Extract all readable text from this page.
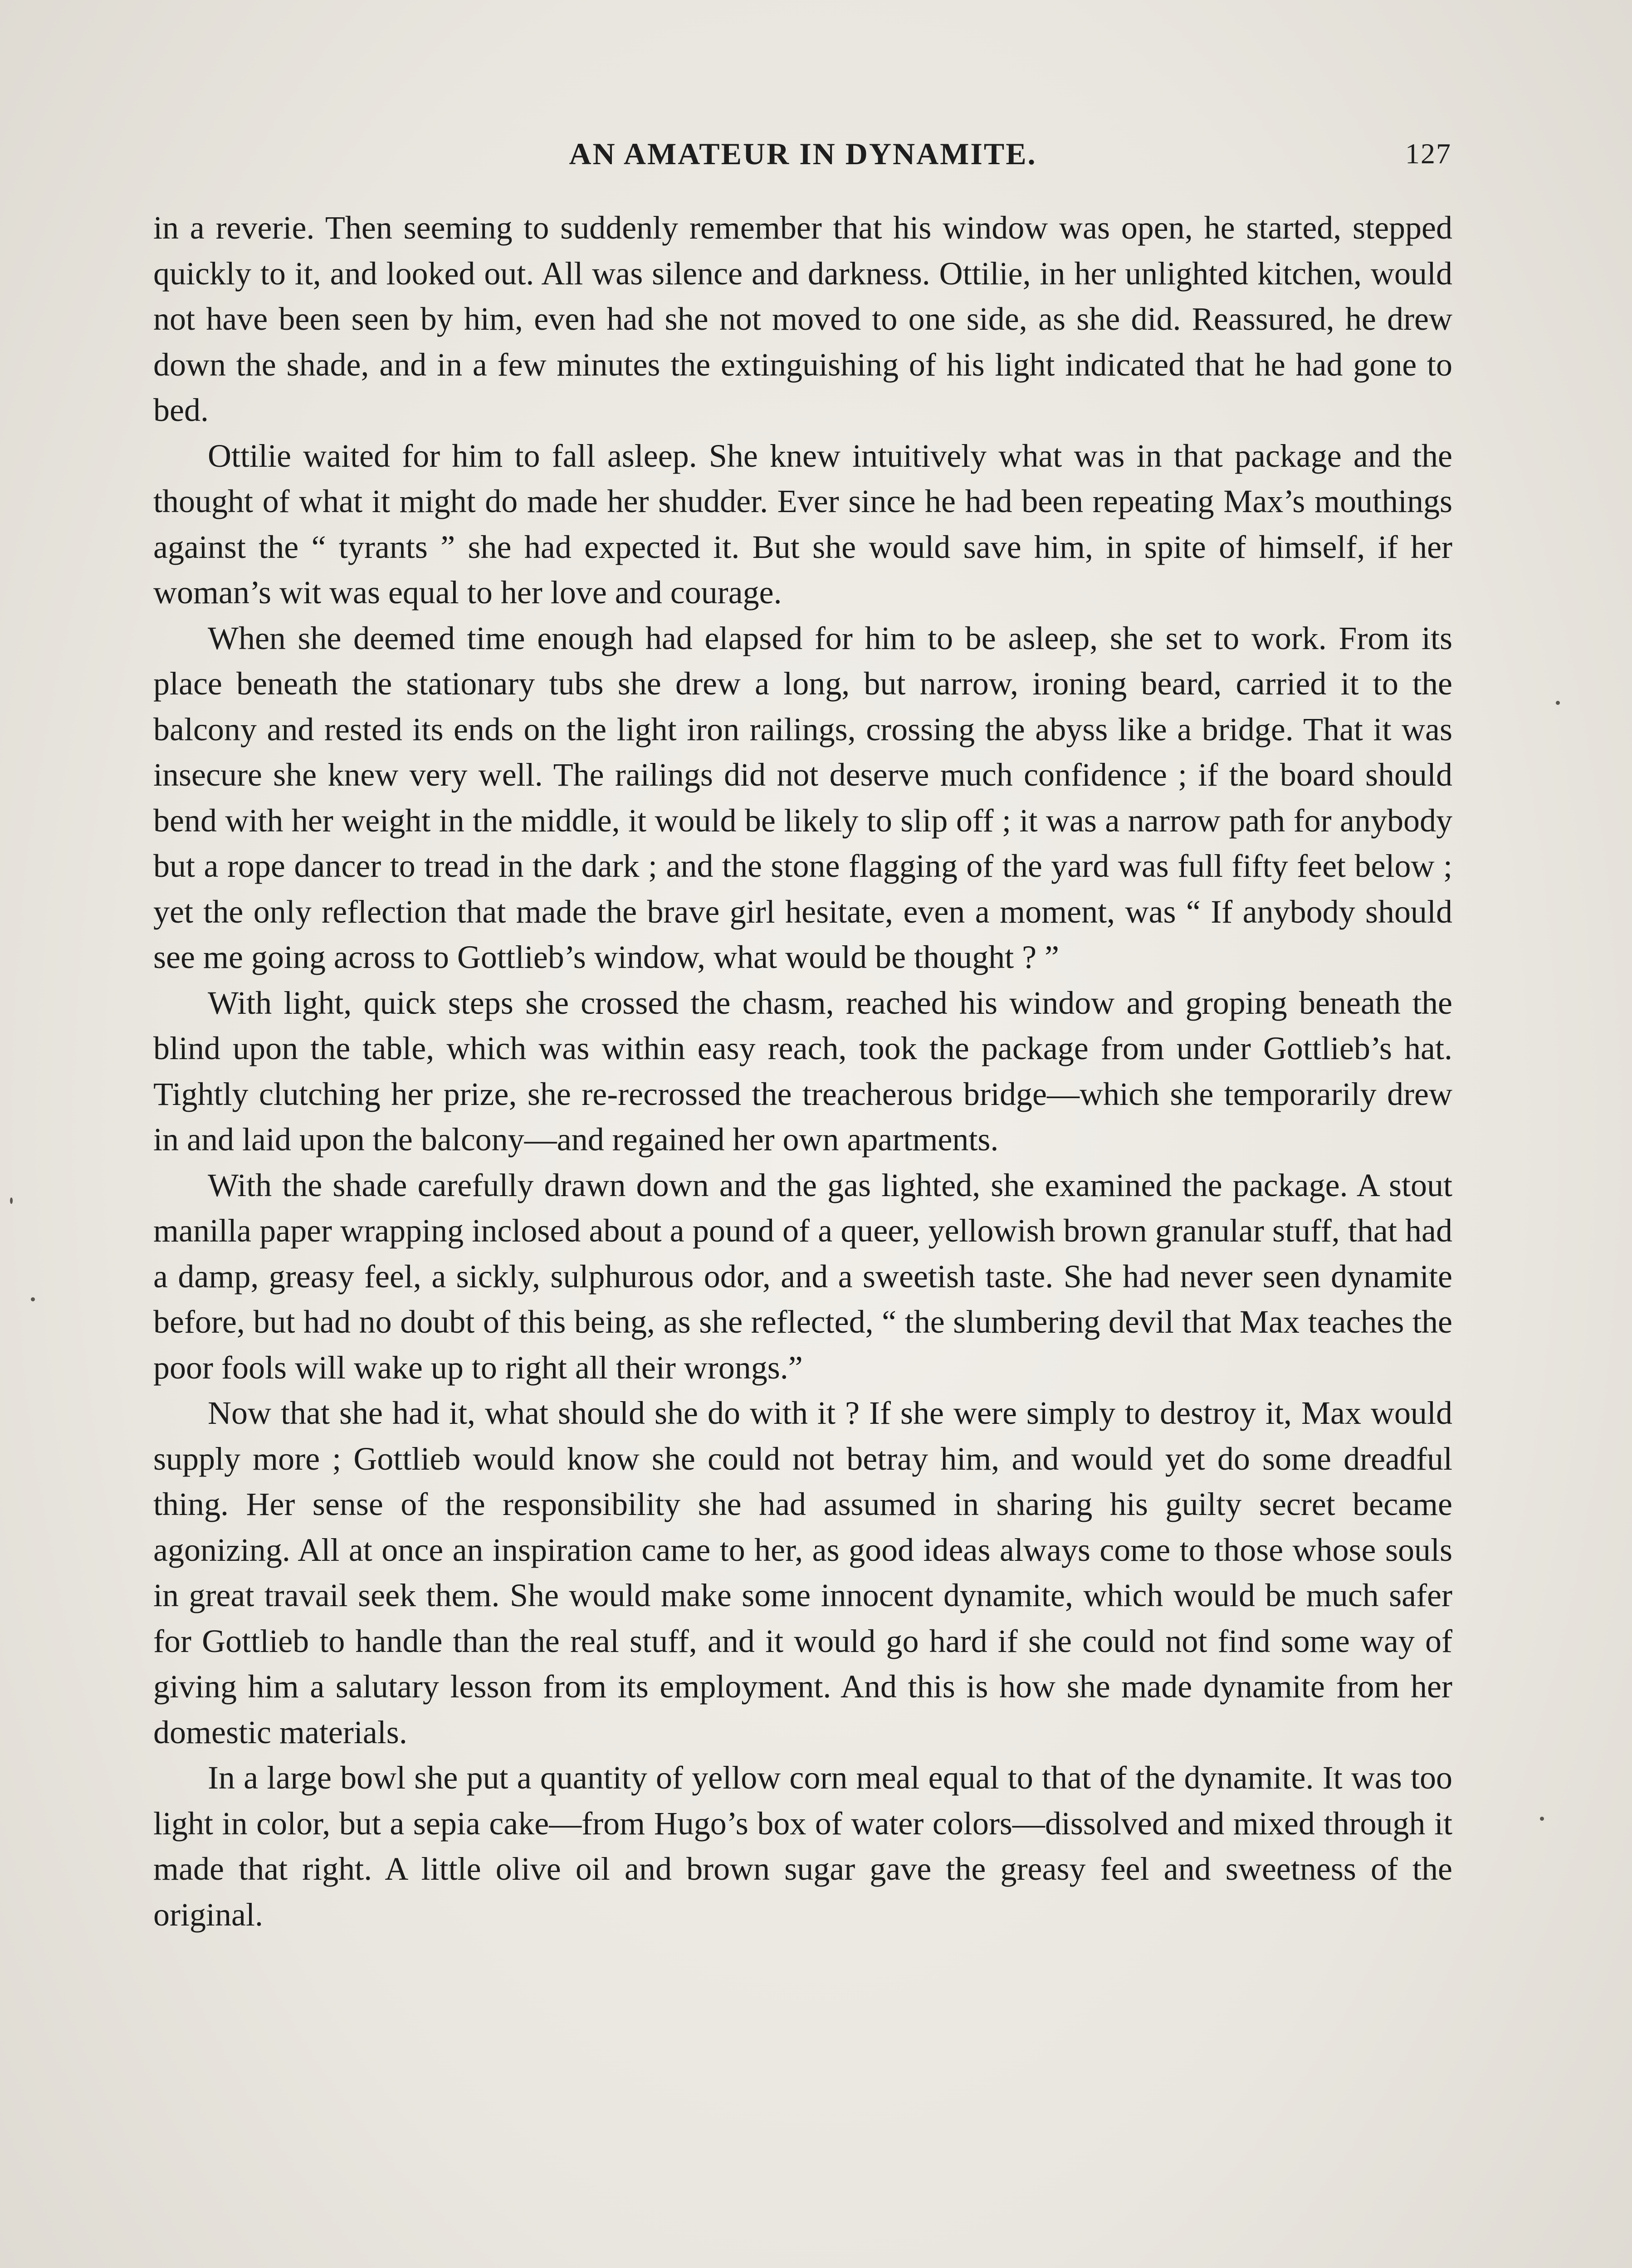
AN AMATEUR IN DYNAMITE.	127

in a reverie. Then seeming to suddenly remember that his window was open, he started, stepped quickly to it, and looked out. All was silence and darkness. Ottilie, in her unlighted kitchen, would not have been seen by him, even had she not moved to one side, as she did. Reassured, he drew down the shade, and in a few minutes the extinguishing of his light indicated that he had gone to bed.

Ottilie waited for him to fall asleep. She knew intuitively what was in that package and the thought of what it might do made her shudder. Ever since he had been repeating Max’s mouthings against the “ tyrants ” she had expected it. But she would save him, in spite of himself, if her woman’s wit was equal to her love and courage.

When she deemed time enough had elapsed for him to be asleep, she set to work. From its place beneath the stationary tubs she drew a long, but narrow, ironing beard, carried it to the balcony and rested its ends on the light iron railings, crossing the abyss like a bridge. That it was insecure she knew very well. The railings did not deserve much confidence ; if the board should bend with her weight in the middle, it would be likely to slip off ; it was a narrow path for anybody but a rope dancer to tread in the dark ; and the stone flagging of the yard was full fifty feet below ; yet the only reflection that made the brave girl hesitate, even a moment, was “ If anybody should see me going across to Gottlieb’s window, what would be thought ? ”

With light, quick steps she crossed the chasm, reached his window and groping beneath the blind upon the table, which was within easy reach, took the package from under Gottlieb’s hat. Tightly clutching her prize, she re-recrossed the treacherous bridge—which she temporarily drew in and laid upon the balcony—and regained her own apartments.

With the shade carefully drawn down and the gas lighted, she examined the package. A stout manilla paper wrapping inclosed about a pound of a queer, yellowish brown granular stuff, that had a damp, greasy feel, a sickly, sulphurous odor, and a sweetish taste. She had never seen dynamite before, but had no doubt of this being, as she reflected, “ the slumbering devil that Max teaches the poor fools will wake up to right all their wrongs.”

Now that she had it, what should she do with it ? If she were simply to destroy it, Max would supply more ; Gottlieb would know she could not betray him, and would yet do some dreadful thing. Her sense of the responsibility she had assumed in sharing his guilty secret became agonizing. All at once an inspiration came to her, as good ideas always come to those whose souls in great travail seek them. She would make some innocent dynamite, which would be much safer for Gottlieb to handle than the real stuff, and it would go hard if she could not find some way of giving him a salutary lesson from its employment. And this is how she made dynamite from her domestic materials.

In a large bowl she put a quantity of yellow corn meal equal to that of the dynamite. It was too light in color, but a sepia cake—from Hugo’s box of water colors—dissolved and mixed through it made that right. A little olive oil and brown sugar gave the greasy feel and sweetness of the original.
